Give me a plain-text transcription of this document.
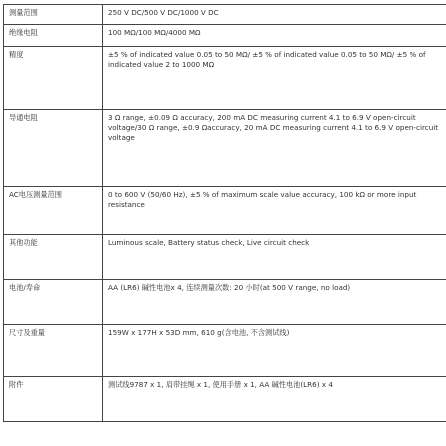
测量范围	250 V DC/500 V DC/1000 V DC
绝缘电阻	100 MΩ/100 MΩ/4000 MΩ
精度	±5 % of indicated value 0.05 to 50 MΩ/ ±5 % of indicated value 0.05 to 50 MΩ/ ±5 % of indicated value 2 to 1000 MΩ
导通电阻	3 Ω range, ±0.09 Ω accuracy, 200 mA DC measuring current 4.1 to 6.9 V open-circuit voltage/30 Ω range, ±0.9 Ωaccuracy, 20 mA DC measuring current 4.1 to 6.9 V open-circuit voltage
AC电压测量范围	0 to 600 V (50/60 Hz), ±5 % of maximum scale value accuracy, 100 kΩ or more input resistance
其他功能	Luminous scale, Battery status check, Live circuit check
电池/寿命	AA (LR6) 碱性电池x 4, 连续测量次数: 20 小时(at 500 V range, no load)
尺寸及重量	159W x 177H x 53D mm, 610 g(含电池, 不含测试线)
附件	测试线9787 x 1, 肩带挂绳 x 1, 使用手册 x 1, AA 碱性电池(LR6) x 4
